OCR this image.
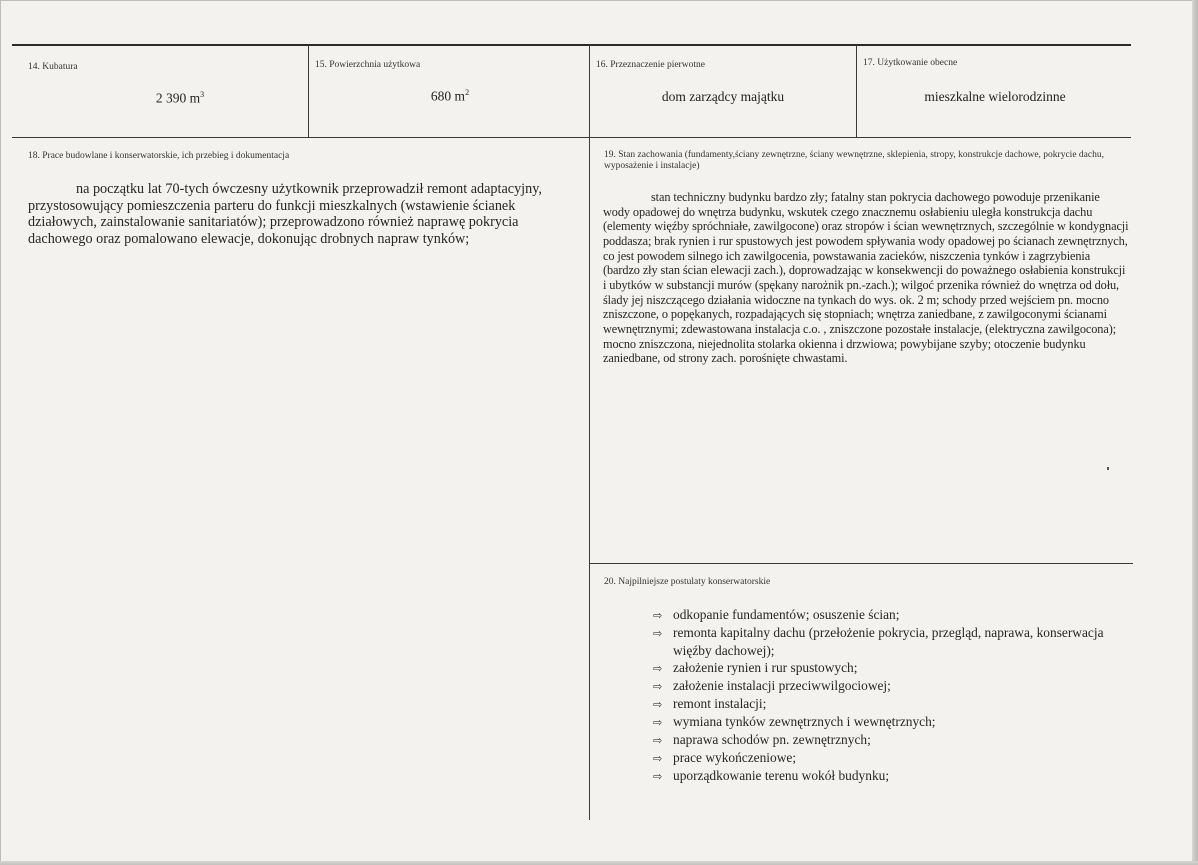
14. Kubatura
2 390 $m^3$
15. Powierzchnia użytkowa
680 $m^2$
16. Przeznaczenie pierwotne
dom zarządcy majątku
17. Użytkowanie obecne
mieszkalne wielorodzinne
18. Prace budowlane i konserwatorskie, ich przebieg i dokumentacja
na początku lat 70-tych ówczesny użytkownik przeprowadził remont adaptacyjny, przystosowujący pomieszczenia parteru do funkcji mieszkalnych (wstawienie ścianek działowych, zainstalowanie sanitariatów); przeprowadzono również naprawę pokrycia dachowego oraz pomalowano elewacje, dokonując drobnych napraw tynków;
19. Stan zachowania (fundamenty,ściany zewnętrzne, ściany wewnętrzne, sklepienia, stropy, konstrukcje dachowe, pokrycie dachu, wyposażenie i instalacje)
stan techniczny budynku bardzo zły; fatalny stan pokrycia dachowego powoduje przenikanie wody opadowej do wnętrza budynku, wskutek czego znacznemu osłabieniu uległa konstrukcja dachu (elementy więźby spróchniałe, zawilgocone) oraz stropów i ścian wewnętrznych, szczególnie w kondygnacji poddasza; brak rynien i rur spustowych jest powodem spływania wody opadowej po ścianach zewnętrznych, co jest powodem silnego ich zawilgocenia, powstawania zacieków, niszczenia tynków i zagrzybienia (bardzo zły stan ścian elewacji zach.), doprowadzając w konsekwencji do poważnego osłabienia konstrukcji i ubytków w substancji murów (spękany narożnik pn.-zach.); wilgoć przenika również do wnętrza od dołu, ślady jej niszczącego działania widoczne na tynkach do wys. ok. 2 m; schody przed wejściem pn. mocno zniszczone, o popękanych, rozpadających się stopniach; wnętrza zaniedbane, z zawilgoconymi ścianami wewnętrznymi; zdewastowana instalacja c.o. , zniszczone pozostałe instalacje, (elektryczna zawilgocona); mocno zniszczona, niejednolita stolarka okienna i drzwiowa; powybijane szyby; otoczenie budynku zaniedbane, od strony zach. porośnięte chwastami.
20. Najpilniejsze postulaty konserwatorskie
⇨ odkopanie fundamentów; osuszenie ścian;
⇨ remonta kapitalny dachu (przełożenie pokrycia, przegląd, naprawa, konserwacja więźby dachowej);
⇨ założenie rynien i rur spustowych;
⇨ założenie instalacji przeciwwilgociowej;
⇨ remont instalacji;
⇨ wymiana tynków zewnętrznych i wewnętrznych;
⇨ naprawa schodów pn. zewnętrznych;
⇨ prace wykończeniowe;
⇨ uporządkowanie terenu wokół budynku;
